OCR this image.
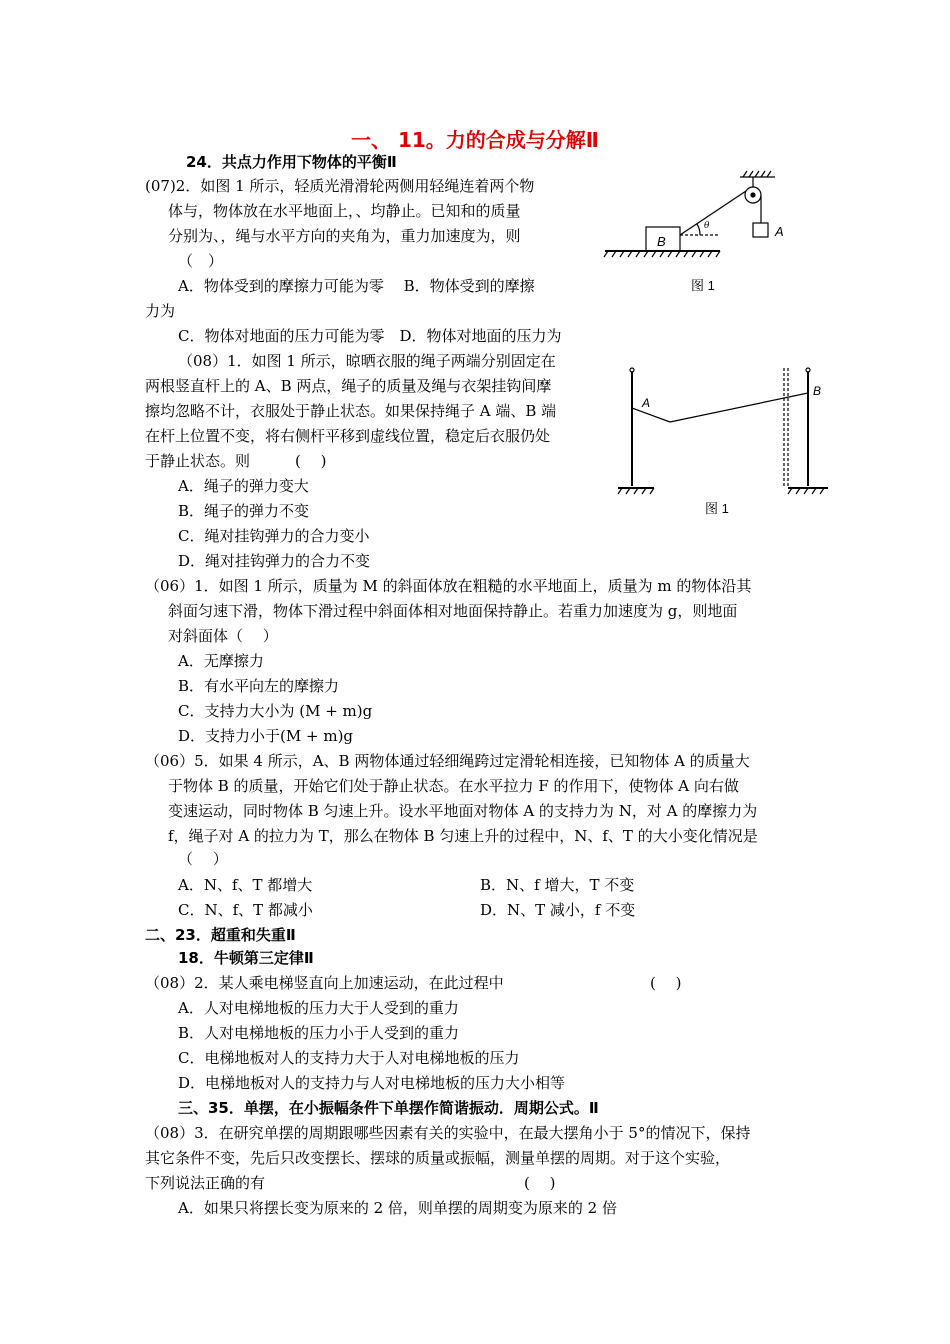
一、 11。力的合成与分解Ⅱ
24．共点力作用下物体的平衡Ⅱ
(07)2．如图 1 所示，轻质光滑滑轮两侧用轻绳连着两个物
体与，物体放在水平地面上，、均静止。已知和的质量
分别为、，绳与水平方向的夹角为，重力加速度为，则
（　）
A．物体受到的摩擦力可能为零　 B．物体受到的摩擦
力为
C．物体对地面的压力可能为零　D．物体对地面的压力为
B
A
θ
图 1
（08）1．如图 1 所示，晾晒衣服的绳子两端分别固定在
两根竖直杆上的 A、B 两点，绳子的质量及绳与衣架挂钩间摩
擦均忽略不计，衣服处于静止状态。如果保持绳子 A 端、B 端
在杆上位置不变，将右侧杆平移到虚线位置，稳定后衣服仍处
于静止状态。则　　　(　 )
A．绳子的弹力变大
B．绳子的弹力不变
C．绳对挂钩弹力的合力变小
D．绳对挂钩弹力的合力不变
A
B
图 1
（06）1．如图 1 所示，质量为 M 的斜面体放在粗糙的水平地面上，质量为 m 的物体沿其
斜面匀速下滑，物体下滑过程中斜面体相对地面保持静止。若重力加速度为 g，则地面
对斜面体（　 ）
A．无摩擦力
B．有水平向左的摩擦力
C．支持力大小为 (M + m)g
D．支持力小于(M + m)g
（06）5．如果 4 所示，A、B 两物体通过轻细绳跨过定滑轮相连接，已知物体 A 的质量大
于物体 B 的质量，开始它们处于静止状态。在水平拉力 F 的作用下，使物体 A 向右做
变速运动，同时物体 B 匀速上升。设水平地面对物体 A 的支持力为 N，对 A 的摩擦力为
f，绳子对 A 的拉力为 T，那么在物体 B 匀速上升的过程中，N、f、T 的大小变化情况是
（　 ）
A．N、f、T 都增大	B．N、f 增大，T 不变
C．N、f、T 都减小	D．N、T 减小，f 不变
二、23．超重和失重Ⅱ
18．牛顿第三定律Ⅱ
（08）2．某人乘电梯竖直向上加速运动，在此过程中	(　 )
A．人对电梯地板的压力大于人受到的重力
B．人对电梯地板的压力小于人受到的重力
C．电梯地板对人的支持力大于人对电梯地板的压力
D．电梯地板对人的支持力与人对电梯地板的压力大小相等
三、35．单摆，在小振幅条件下单摆作简谐振动．周期公式。Ⅱ
（08）3．在研究单摆的周期跟哪些因素有关的实验中，在最大摆角小于 5°的情况下，保持
其它条件不变，先后只改变摆长、摆球的质量或振幅，测量单摆的周期。对于这个实验，
下列说法正确的有	(　 )
A．如果只将摆长变为原来的 2 倍，则单摆的周期变为原来的 2 倍
